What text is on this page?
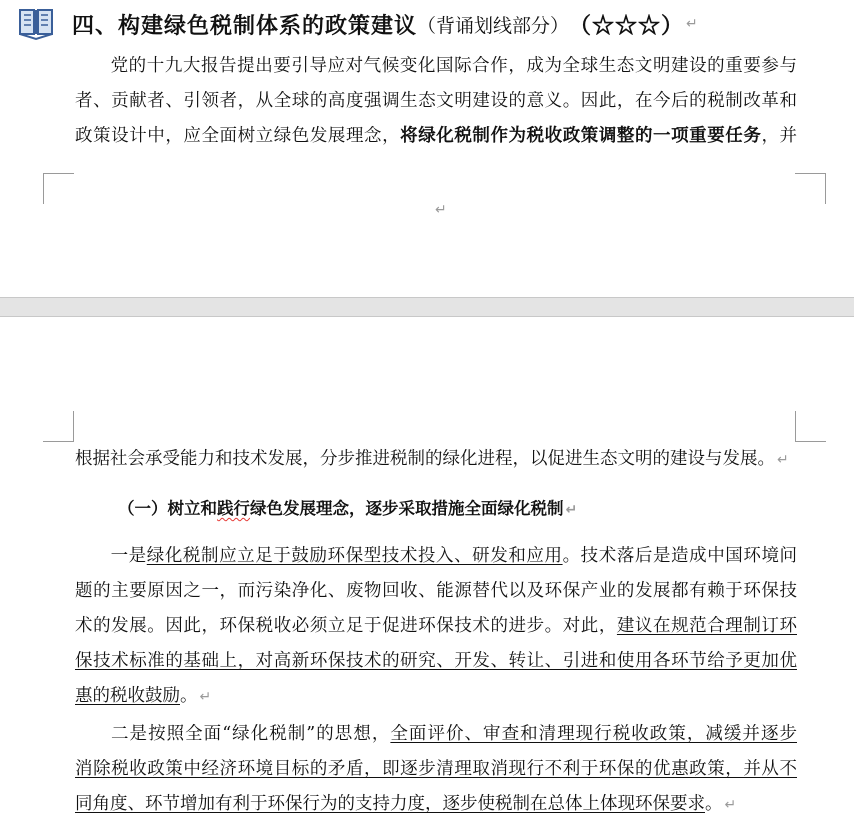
四、构建绿色税制体系的政策建议 （背诵划线部分） （☆☆☆） ↵
党的十九大报告提出要引导应对气候变化国际合作，成为全球生态文明建设的重要参与
者、贡献者、引领者，从全球的高度强调生态文明建设的意义。因此，在今后的税制改革和
政策设计中，应全面树立绿色发展理念，将绿化税制作为税收政策调整的一项重要任务，并
↵
根据社会承受能力和技术发展，分步推进税制的绿化进程，以促进生态文明的建设与发展。 ↵
（一）树立和践行绿色发展理念，逐步采取措施全面绿化税制 ↵
一是绿化税制应立足于鼓励环保型技术投入、研发和应用。技术落后是造成中国环境问
题的主要原因之一，而污染净化、废物回收、能源替代以及环保产业的发展都有赖于环保技
术的发展。因此，环保税收必须立足于促进环保技术的进步。对此，建议在规范合理制订环
保技术标准的基础上，对高新环保技术的研究、开发、转让、引进和使用各环节给予更加优
惠的税收鼓励。 ↵
二是按照全面“绿化税制”的思想，全面评价、审查和清理现行税收政策，减缓并逐步
消除税收政策中经济环境目标的矛盾，即逐步清理取消现行不利于环保的优惠政策，并从不
同角度、环节增加有利于环保行为的支持力度，逐步使税制在总体上体现环保要求。 ↵
